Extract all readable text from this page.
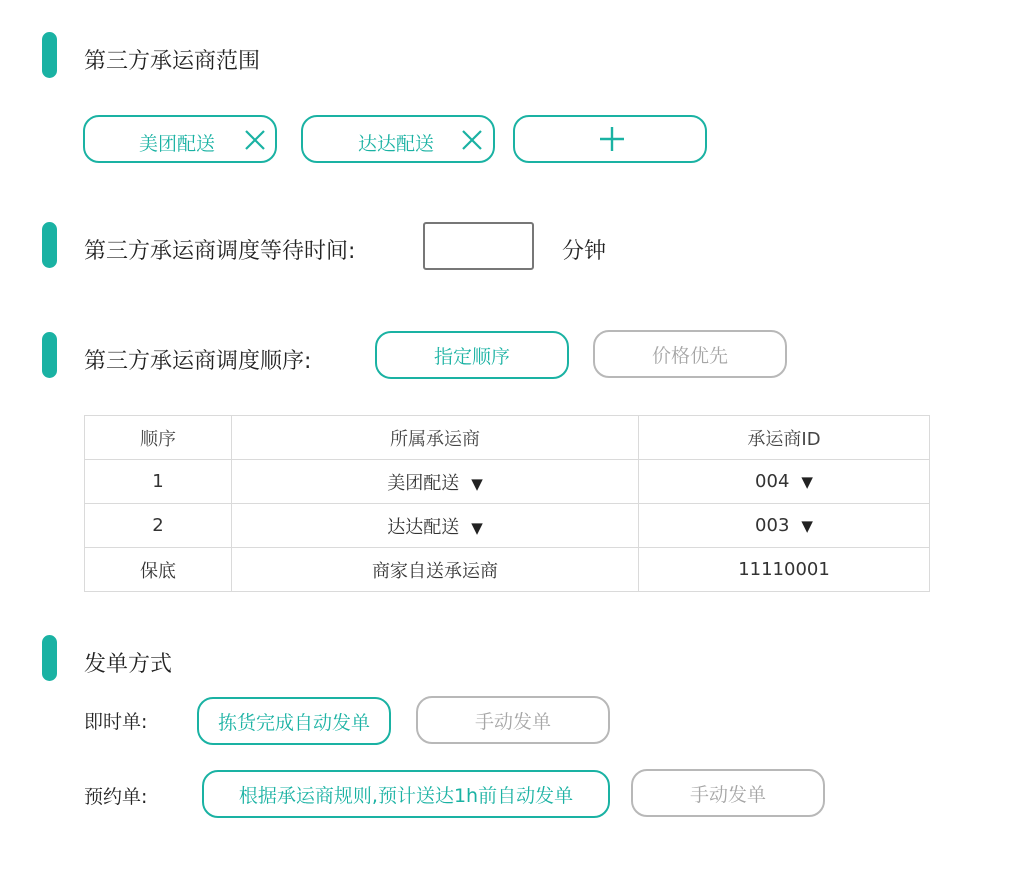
第三方承运商范围
美团配送	达达配送
第三方承运商调度等待时间:	分钟
第三方承运商调度顺序:	指定顺序	价格优先
顺序	所属承运商	承运商ID
1	美团配送 ▼	004 ▼
2	达达配送 ▼	003 ▼
保底	商家自送承运商	11110001
发单方式
即时单:	拣货完成自动发单	手动发单
预约单:	根据承运商规则,预计送达1h前自动发单	手动发单
